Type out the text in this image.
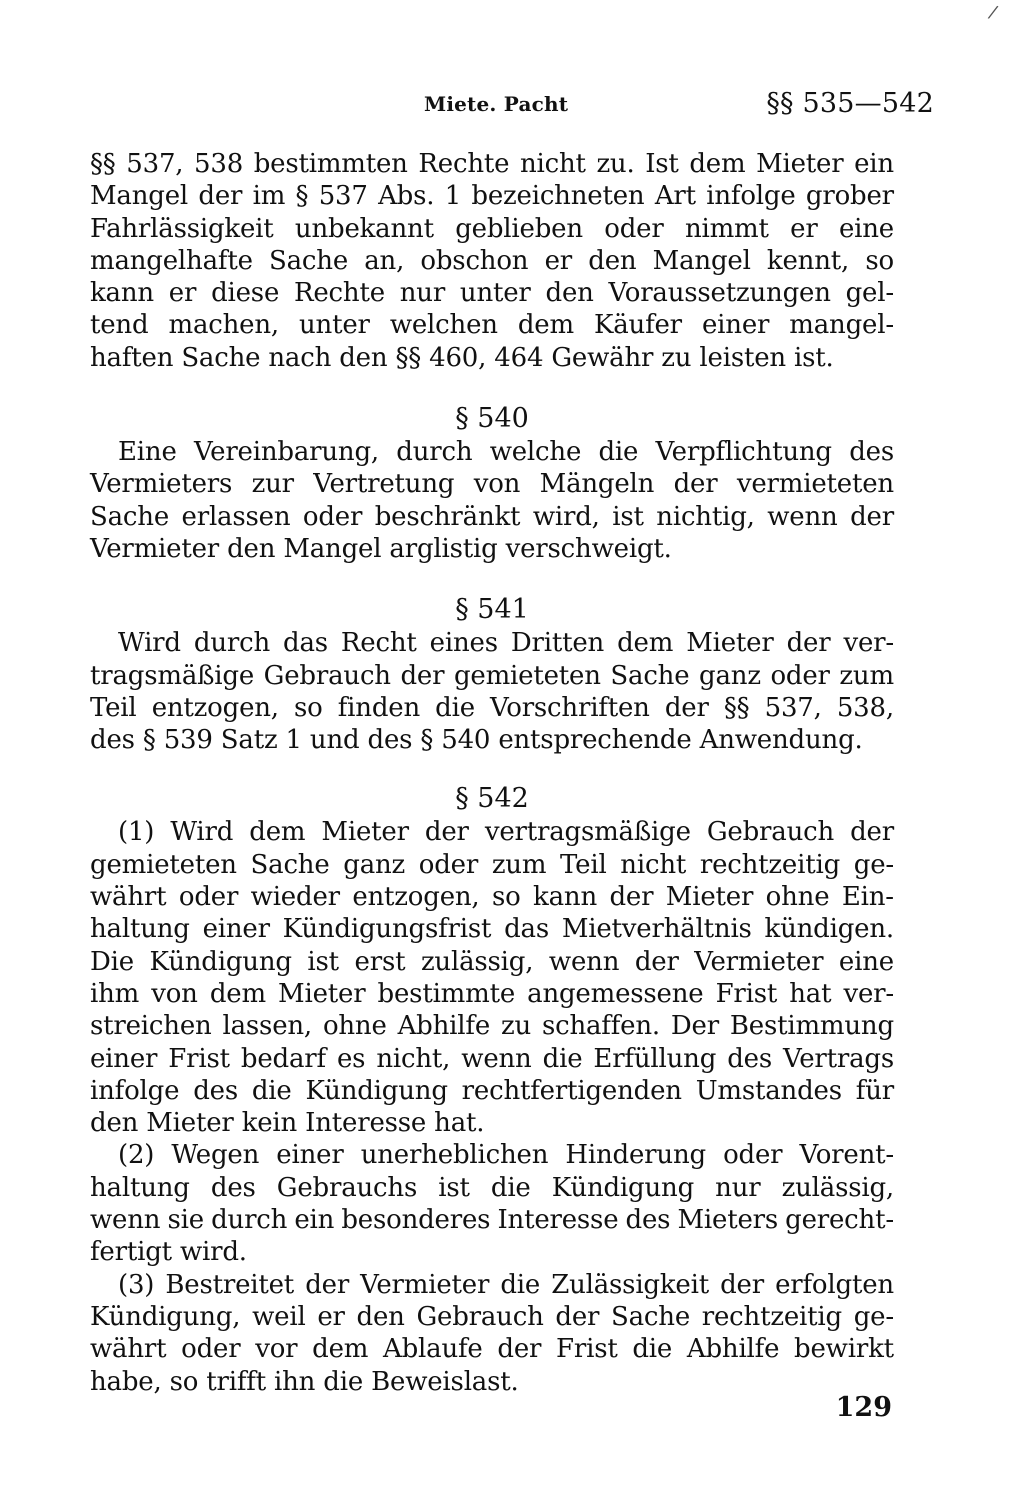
/
Miete. Pacht	§§ 535—542
§§ 537, 538 bestimmten Rechte nicht zu. Ist dem Mieter ein
Mangel der im § 537 Abs. 1 bezeichneten Art infolge grober
Fahrlässigkeit unbekannt geblieben oder nimmt er eine
mangelhafte Sache an, obschon er den Mangel kennt, so
kann er diese Rechte nur unter den Voraussetzungen gel-
tend machen, unter welchen dem Käufer einer mangel-
haften Sache nach den §§ 460, 464 Gewähr zu leisten ist.
§ 540
Eine Vereinbarung, durch welche die Verpflichtung des
Vermieters zur Vertretung von Mängeln der vermieteten
Sache erlassen oder beschränkt wird, ist nichtig, wenn der
Vermieter den Mangel arglistig verschweigt.
§ 541
Wird durch das Recht eines Dritten dem Mieter der ver-
tragsmäßige Gebrauch der gemieteten Sache ganz oder zum
Teil entzogen, so finden die Vorschriften der §§ 537, 538,
des § 539 Satz 1 und des § 540 entsprechende Anwendung.
§ 542
(1) Wird dem Mieter der vertragsmäßige Gebrauch der
gemieteten Sache ganz oder zum Teil nicht rechtzeitig ge-
währt oder wieder entzogen, so kann der Mieter ohne Ein-
haltung einer Kündigungsfrist das Mietverhältnis kündigen.
Die Kündigung ist erst zulässig, wenn der Vermieter eine
ihm von dem Mieter bestimmte angemessene Frist hat ver-
streichen lassen, ohne Abhilfe zu schaffen. Der Bestimmung
einer Frist bedarf es nicht, wenn die Erfüllung des Vertrags
infolge des die Kündigung rechtfertigenden Umstandes für
den Mieter kein Interesse hat.
(2) Wegen einer unerheblichen Hinderung oder Vorent-
haltung des Gebrauchs ist die Kündigung nur zulässig,
wenn sie durch ein besonderes Interesse des Mieters gerecht-
fertigt wird.
(3) Bestreitet der Vermieter die Zulässigkeit der erfolgten
Kündigung, weil er den Gebrauch der Sache rechtzeitig ge-
währt oder vor dem Ablaufe der Frist die Abhilfe bewirkt
habe, so trifft ihn die Beweislast.
129
